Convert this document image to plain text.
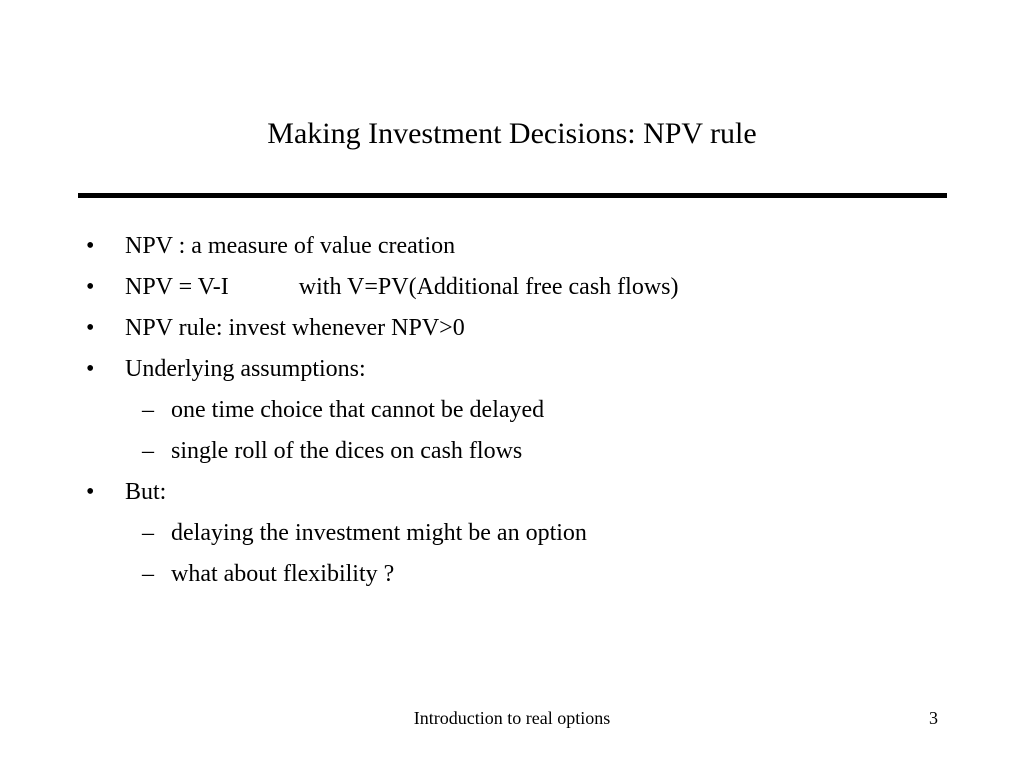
Making Investment Decisions: NPV rule
• NPV : a measure of value creation
• NPV = V-I	with V=PV(Additional free cash flows)
• NPV rule: invest whenever NPV>0
• Underlying assumptions:
– one time choice that cannot be delayed
– single roll of the dices on cash flows
• But:
– delaying the investment might be an option
– what about flexibility ?
Introduction to real options	3
